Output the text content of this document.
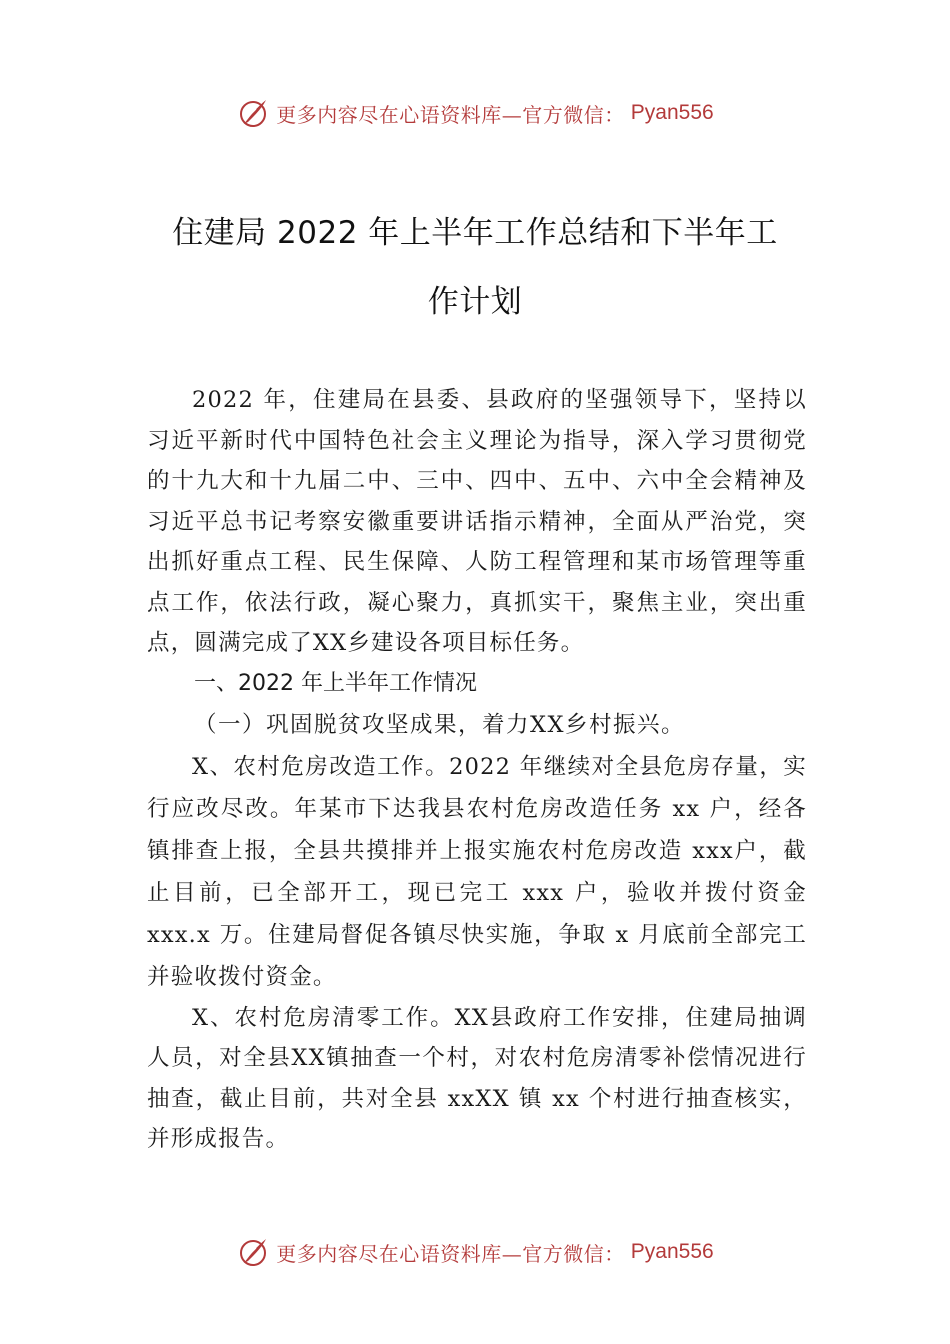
更多内容尽在心语资料库—官方微信： Pyan556
住建局 2022 年上半年工作总结和下半年工
作计划

2022 年，住建局在县委、县政府的坚强领导下，坚持以习近平新时代中国特色社会主义理论为指导，深入学习贯彻党的十九大和十九届二中、三中、四中、五中、六中全会精神及习近平总书记考察安徽重要讲话指示精神，全面从严治党，突出抓好重点工程、民生保障、人防工程管理和某市场管理等重点工作，依法行政，凝心聚力，真抓实干，聚焦主业，突出重点，圆满完成了XX乡建设各项目标任务。

一、2022 年上半年工作情况

（一）巩固脱贫攻坚成果，着力XX乡村振兴。

X、农村危房改造工作。2022 年继续对全县危房存量，实行应改尽改。年某市下达我县农村危房改造任务 xx 户，经各镇排查上报，全县共摸排并上报实施农村危房改造 xxx户，截止目前，已全部开工，现已完工 xxx 户，验收并拨付资金 xxx.x 万。住建局督促各镇尽快实施，争取 x 月底前全部完工并验收拨付资金。

X、农村危房清零工作。XX县政府工作安排，住建局抽调人员，对全县XX镇抽查一个村，对农村危房清零补偿情况进行抽查，截止目前，共对全县 xxXX 镇 xx 个村进行抽查核实，并形成报告。

更多内容尽在心语资料库—官方微信： Pyan556
